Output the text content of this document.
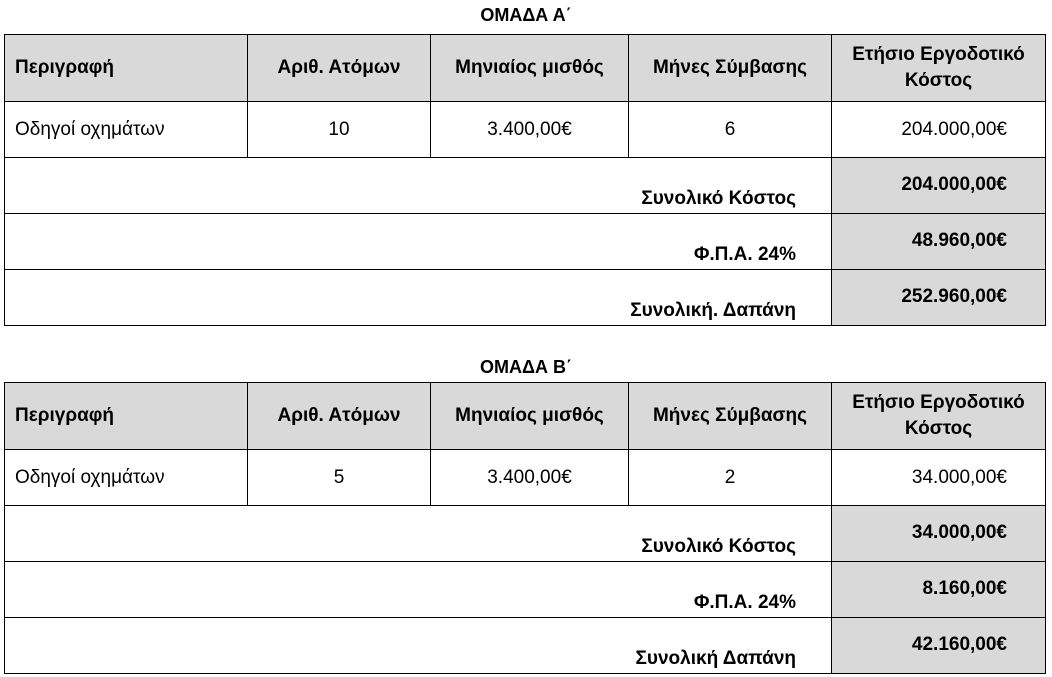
ΟΜΑΔΑ Α΄
Περιγραφή	Αριθ. Ατόμων	Μηνιαίος μισθός	Μήνες Σύμβασης	Ετήσιο Εργοδοτικό Κόστος
Οδηγοί οχημάτων	10	3.400,00€	6	204.000,00€
Συνολικό Κόστος				204.000,00€
Φ.Π.Α. 24%				48.960,00€
Συνολική. Δαπάνη				252.960,00€
ΟΜΑΔΑ Β΄
Περιγραφή	Αριθ. Ατόμων	Μηνιαίος μισθός	Μήνες Σύμβασης	Ετήσιο Εργοδοτικό Κόστος
Οδηγοί οχημάτων	5	3.400,00€	2	34.000,00€
Συνολικό Κόστος				34.000,00€
Φ.Π.Α. 24%				8.160,00€
Συνολική Δαπάνη				42.160,00€
